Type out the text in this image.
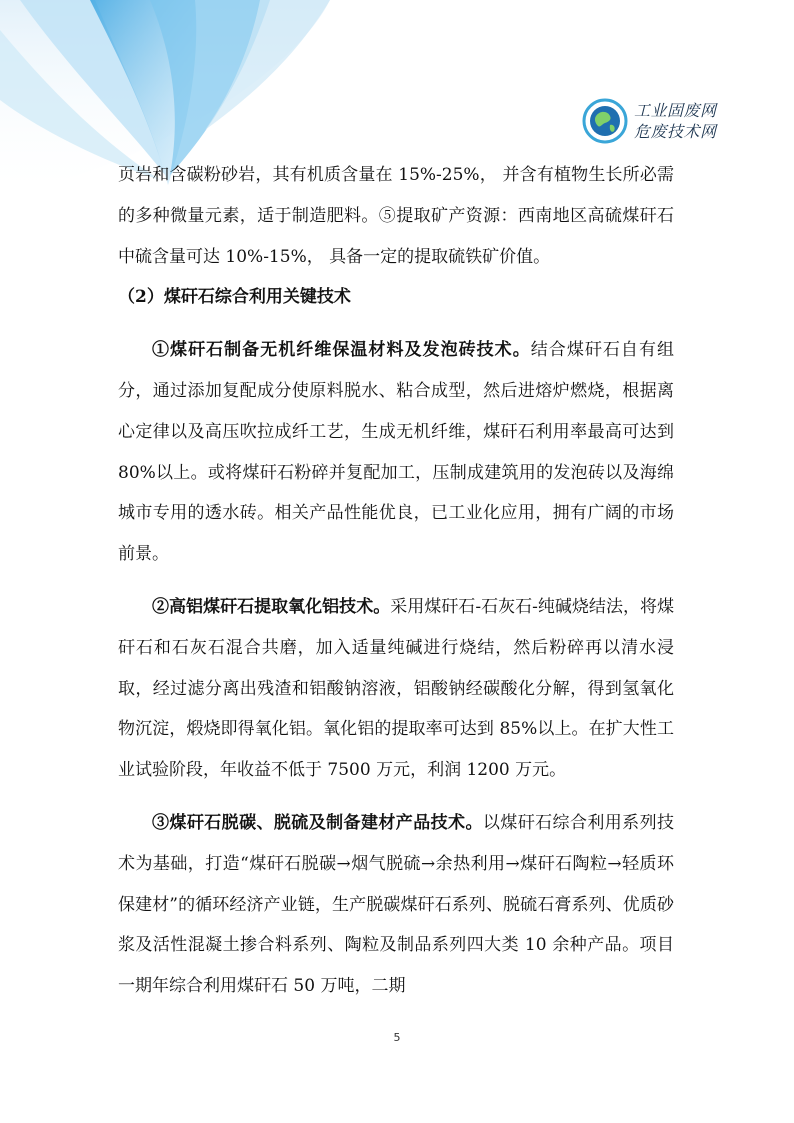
工业固废网
危废技术网

页岩和含碳粉砂岩，其有机质含量在 15%-25%， 并含有植物生长所必需的多种微量元素，适于制造肥料。⑤提取矿产资源：西南地区高硫煤矸石中硫含量可达 10%-15%， 具备一定的提取硫铁矿价值。

（2）煤矸石综合利用关键技术

①煤矸石制备无机纤维保温材料及发泡砖技术。结合煤矸石自有组分，通过添加复配成分使原料脱水、粘合成型，然后进熔炉燃烧，根据离心定律以及高压吹拉成纤工艺，生成无机纤维，煤矸石利用率最高可达到 80%以上。或将煤矸石粉碎并复配加工，压制成建筑用的发泡砖以及海绵城市专用的透水砖。相关产品性能优良，已工业化应用，拥有广阔的市场前景。

②高铝煤矸石提取氧化铝技术。采用煤矸石-石灰石-纯碱烧结法，将煤矸石和石灰石混合共磨，加入适量纯碱进行烧结，然后粉碎再以清水浸取，经过滤分离出残渣和铝酸钠溶液，铝酸钠经碳酸化分解，得到氢氧化物沉淀，煅烧即得氧化铝。氧化铝的提取率可达到 85%以上。在扩大性工业试验阶段，年收益不低于 7500 万元，利润 1200 万元。

③煤矸石脱碳、脱硫及制备建材产品技术。以煤矸石综合利用系列技术为基础，打造“煤矸石脱碳→烟气脱硫→余热利用→煤矸石陶粒→轻质环保建材”的循环经济产业链，生产脱碳煤矸石系列、脱硫石膏系列、优质砂浆及活性混凝土掺合料系列、陶粒及制品系列四大类 10 余种产品。项目一期年综合利用煤矸石 50 万吨，二期

5
